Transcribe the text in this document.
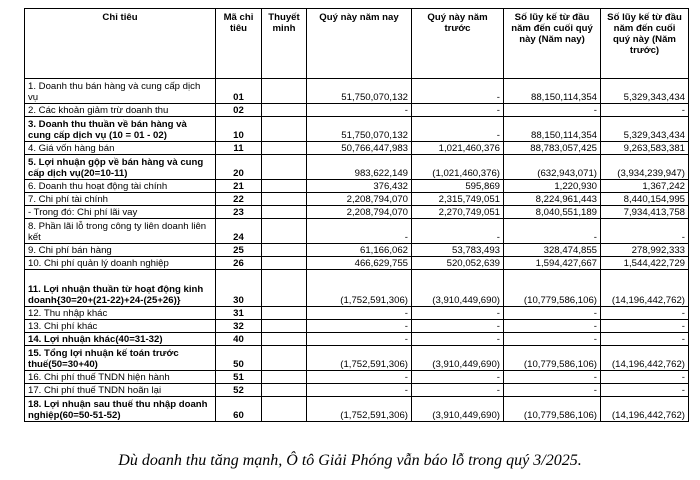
Chỉ tiêu	Mã chỉ tiêu	Thuyết minh	Quý này năm nay	Quý này năm trước	Số lũy kế từ đầu năm đến cuối quý này (Năm nay)	Số lũy kế từ đầu năm đến cuối quý này (Năm trước)
1. Doanh thu bán hàng và cung cấp dịch vụ	01		51,750,070,132	-	88,150,114,354	5,329,343,434
2. Các khoản giảm trừ doanh thu	02		-	-	-	-
3. Doanh thu thuần về bán hàng và cung cấp dịch vụ (10 = 01 - 02)	10		51,750,070,132	-	88,150,114,354	5,329,343,434
4. Giá vốn hàng bán	11		50,766,447,983	1,021,460,376	88,783,057,425	9,263,583,381
5. Lợi nhuận gộp về bán hàng và cung cấp dịch vụ(20=10-11)	20		983,622,149	(1,021,460,376)	(632,943,071)	(3,934,239,947)
6. Doanh thu hoạt động tài chính	21		376,432	595,869	1,220,930	1,367,242
7. Chi phí tài chính	22		2,208,794,070	2,315,749,051	8,224,961,443	8,440,154,995
- Trong đó: Chi phí lãi vay	23		2,208,794,070	2,270,749,051	8,040,551,189	7,934,413,758
8. Phần lãi lỗ trong công ty liên doanh liên kết	24		-	-	-	-
9. Chi phí bán hàng	25		61,166,062	53,783,493	328,474,855	278,992,333
10. Chi phí quản lý doanh nghiệp	26		466,629,755	520,052,639	1,594,427,667	1,544,422,729
11. Lợi nhuận thuần từ hoạt động kinh doanh{30=20+(21-22)+24-(25+26)}	30		(1,752,591,306)	(3,910,449,690)	(10,779,586,106)	(14,196,442,762)
12. Thu nhập khác	31		-	-	-	-
13. Chi phí khác	32		-	-	-	-
14. Lợi nhuận khác(40=31-32)	40		-	-	-	-
15. Tổng lợi nhuận kế toán trước thuế(50=30+40)	50		(1,752,591,306)	(3,910,449,690)	(10,779,586,106)	(14,196,442,762)
16. Chi phí thuế TNDN hiện hành	51		-	-	-	-
17. Chi phí thuế TNDN hoãn lại	52		-	-	-	-
18. Lợi nhuận sau thuế thu nhập doanh nghiệp(60=50-51-52)	60		(1,752,591,306)	(3,910,449,690)	(10,779,586,106)	(14,196,442,762)
Dù doanh thu tăng mạnh, Ô tô Giải Phóng vẫn báo lỗ trong quý 3/2025.
